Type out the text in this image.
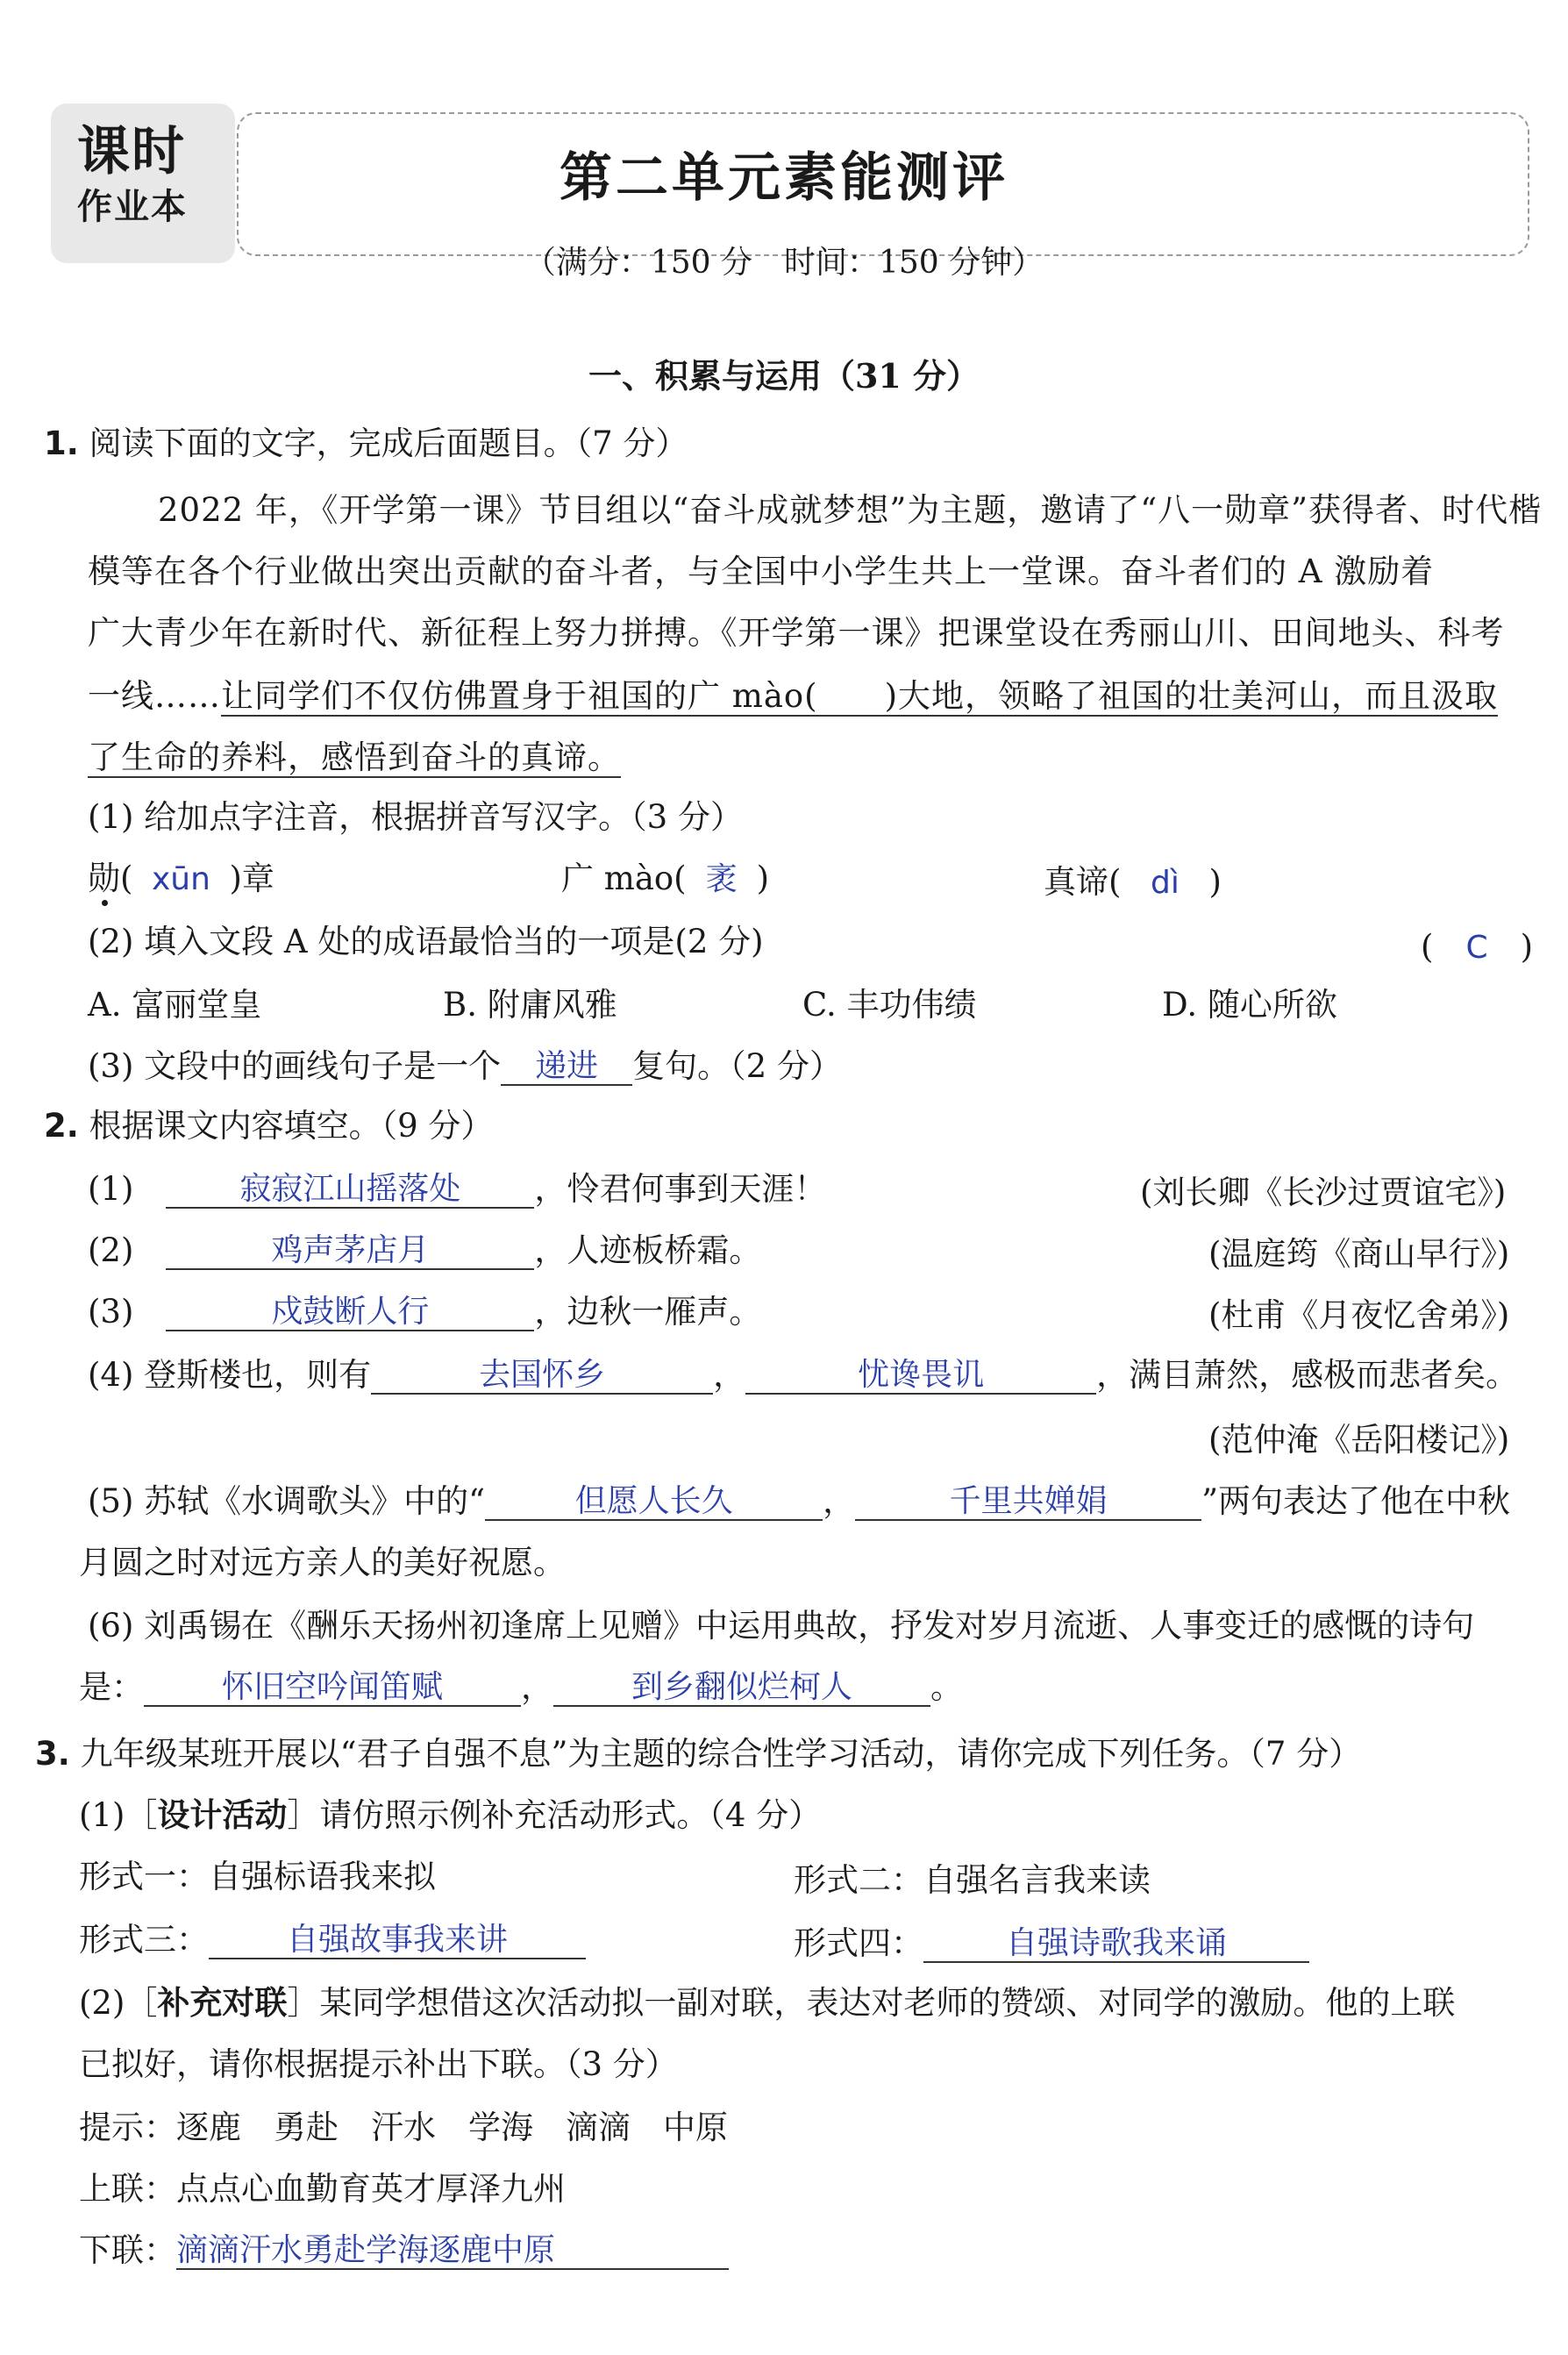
课时
作业本	第二单元素能测评
（满分：150 分　时间：150 分钟）
一、积累与运用（31 分）
1. 阅读下面的文字，完成后面题目。（7 分）
2022 年，《开学第一课》节目组以“奋斗成就梦想”为主题，邀请了“八一勋章”获得者、时代楷
模等在各个行业做出突出贡献的奋斗者，与全国中小学生共上一堂课。奋斗者们的 A 激励着
广大青少年在新时代、新征程上努力拼搏。《开学第一课》把课堂设在秀丽山川、田间地头、科考
一线……让同学们不仅仿佛置身于祖国的广 mào(　　)大地，领略了祖国的壮美河山，而且汲取
了生命的养料，感悟到奋斗的真谛。
(1) 给加点字注音，根据拼音写汉字。（3 分）
勋( xūn )章	广 mào( 袤 )	真谛( dì )
(2) 填入文段 A 处的成语最恰当的一项是(2 分)	(　C　)
A. 富丽堂皇	B. 附庸风雅	C. 丰功伟绩	D. 随心所欲
(3) 文段中的画线句子是一个 递进 复句。（2 分）
2. 根据课文内容填空。（9 分）
(1)　	寂寂江山摇落处 ，怜君何事到天涯！	(刘长卿《长沙过贾谊宅》)
(2)　	鸡声茅店月	，人迹板桥霜。	(温庭筠《商山早行》)
(3)　	戍鼓断人行	，边秋一雁声。	(杜甫《月夜忆舍弟》)
(4) 登斯楼也，则有	去国怀乡	，	忧谗畏讥	，满目萧然，感极而悲者矣。
(范仲淹《岳阳楼记》)
(5) 苏轼《水调歌头》中的“	但愿人长久	，	千里共婵娟	”两句表达了他在中秋
月圆之时对远方亲人的美好祝愿。
(6) 刘禹锡在《酬乐天扬州初逢席上见赠》中运用典故，抒发对岁月流逝、人事变迁的感慨的诗句
是： 怀旧空吟闻笛赋 ， 到乡翻似烂柯人 。
3. 九年级某班开展以“君子自强不息”为主题的综合性学习活动，请你完成下列任务。（7 分）
(1)［设计活动］请仿照示例补充活动形式。（4 分）
形式一：自强标语我来拟	形式二：自强名言我来读
形式三： 自强故事我来讲	形式四：	自强诗歌我来诵
(2)［补充对联］某同学想借这次活动拟一副对联，表达对老师的赞颂、对同学的激励。他的上联
已拟好，请你根据提示补出下联。（3 分）
提示：逐鹿　勇赴　汗水　学海　滴滴　中原
上联：点点心血勤育英才厚泽九州
下联：滴滴汗水勇赴学海逐鹿中原
